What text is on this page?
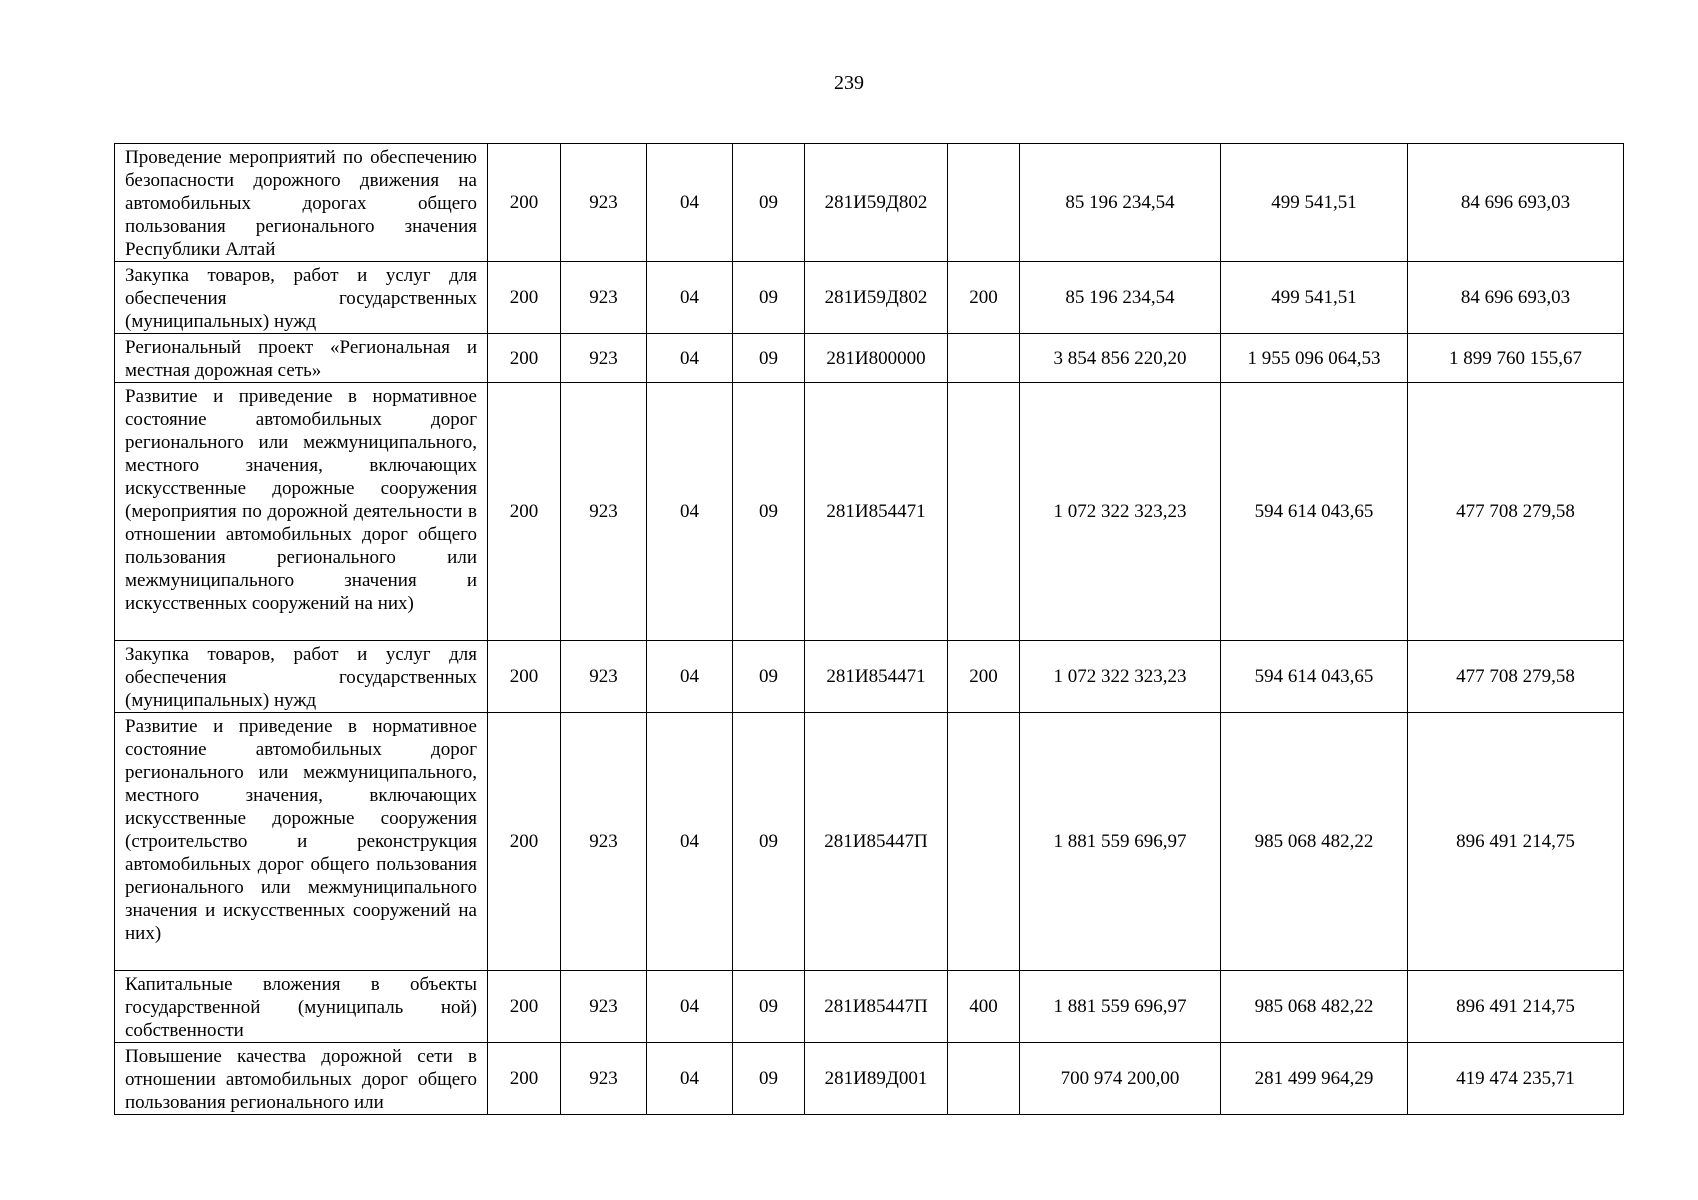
239
Проведение мероприятий по обеспечению безопасности дорожного движения на автомобильных дорогах общего пользования регионального значения Республики Алтай	200	923	04	09	281И59Д802		85 196 234,54	499 541,51	84 696 693,03
Закупка товаров, работ и услуг для обеспечения государственных (муниципальных) нужд	200	923	04	09	281И59Д802	200	85 196 234,54	499 541,51	84 696 693,03
Региональный проект «Региональная и местная дорожная сеть»	200	923	04	09	281И800000		3 854 856 220,20	1 955 096 064,53	1 899 760 155,67
Развитие и приведение в нормативное состояние автомобильных дорог регионального или межмуниципального, местного значения, включающих искусственные дорожные сооружения (мероприятия по дорожной деятельности в отношении автомобильных дорог общего пользования регионального или межмуниципального значения и искусственных сооружений на них)	200	923	04	09	281И854471		1 072 322 323,23	594 614 043,65	477 708 279,58
Закупка товаров, работ и услуг для обеспечения государственных (муниципальных) нужд	200	923	04	09	281И854471	200	1 072 322 323,23	594 614 043,65	477 708 279,58
Развитие и приведение в нормативное состояние автомобильных дорог регионального или межмуниципального, местного значения, включающих искусственные дорожные сооружения (строительство и реконструкция автомобильных дорог общего пользования регионального или межмуниципального значения и искусственных сооружений на них)	200	923	04	09	281И85447П		1 881 559 696,97	985 068 482,22	896 491 214,75
Капитальные вложения в объекты государственной (муниципаль ной) собственности	200	923	04	09	281И85447П	400	1 881 559 696,97	985 068 482,22	896 491 214,75
Повышение качества дорожной сети в отношении автомобильных дорог общего пользования регионального или	200	923	04	09	281И89Д001		700 974 200,00	281 499 964,29	419 474 235,71
